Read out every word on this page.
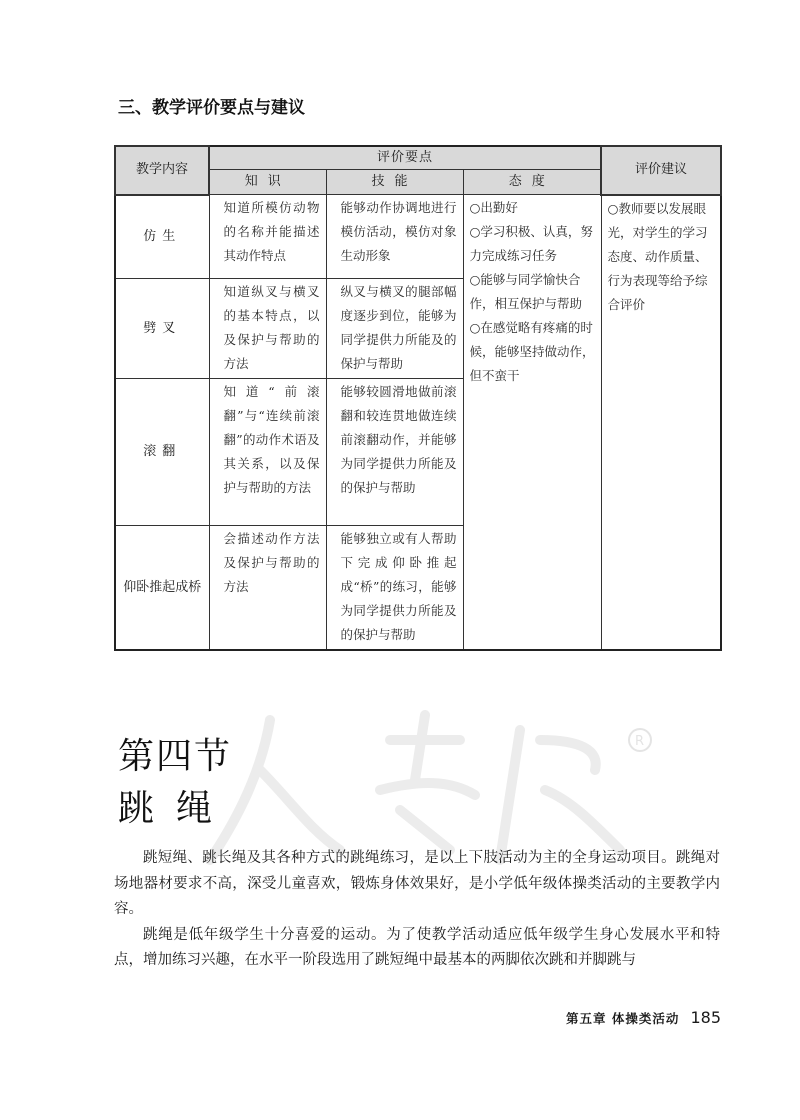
三、教学评价要点与建议
教学内容	评价要点			评价建议
	知识	技能	态度	
仿生	知道所模仿动物的名称并能描述其动作特点	能够动作协调地进行模仿活动，模仿对象生动形象	○出勤好
○学习积极、认真，努力完成练习任务
○能够与同学愉快合作，相互保护与帮助
○在感觉略有疼痛的时候，能够坚持做动作，但不蛮干	○教师要以发展眼光，对学生的学习态度、动作质量、行为表现等给予综合评价

劈叉	知道纵叉与横叉的基本特点，以及保护与帮助的方法	纵叉与横叉的腿部幅度逐步到位，能够为同学提供力所能及的保护与帮助		

滚翻	知道“前滚翻”与“连续前滚翻”的动作术语及其关系，以及保护与帮助的方法	能够较圆滑地做前滚翻和较连贯地做连续前滚翻动作，并能够为同学提供力所能及的保护与帮助		

仰卧推起成桥	会描述动作方法及保护与帮助的方法	能够独立或有人帮助下完成仰卧推起成“桥”的练习，能够为同学提供力所能及的保护与帮助		
R
第四节
跳绳

跳短绳、跳长绳及其各种方式的跳绳练习，是以上下肢活动为主的全身运动项目。跳绳对场地器材要求不高，深受儿童喜欢，锻炼身体效果好，是小学低年级体操类活动的主要教学内容。

跳绳是低年级学生十分喜爱的运动。为了使教学活动适应低年级学生身心发展水平和特点，增加练习兴趣，在水平一阶段选用了跳短绳中最基本的两脚依次跳和并脚跳与

第五章 体操类活动 185
